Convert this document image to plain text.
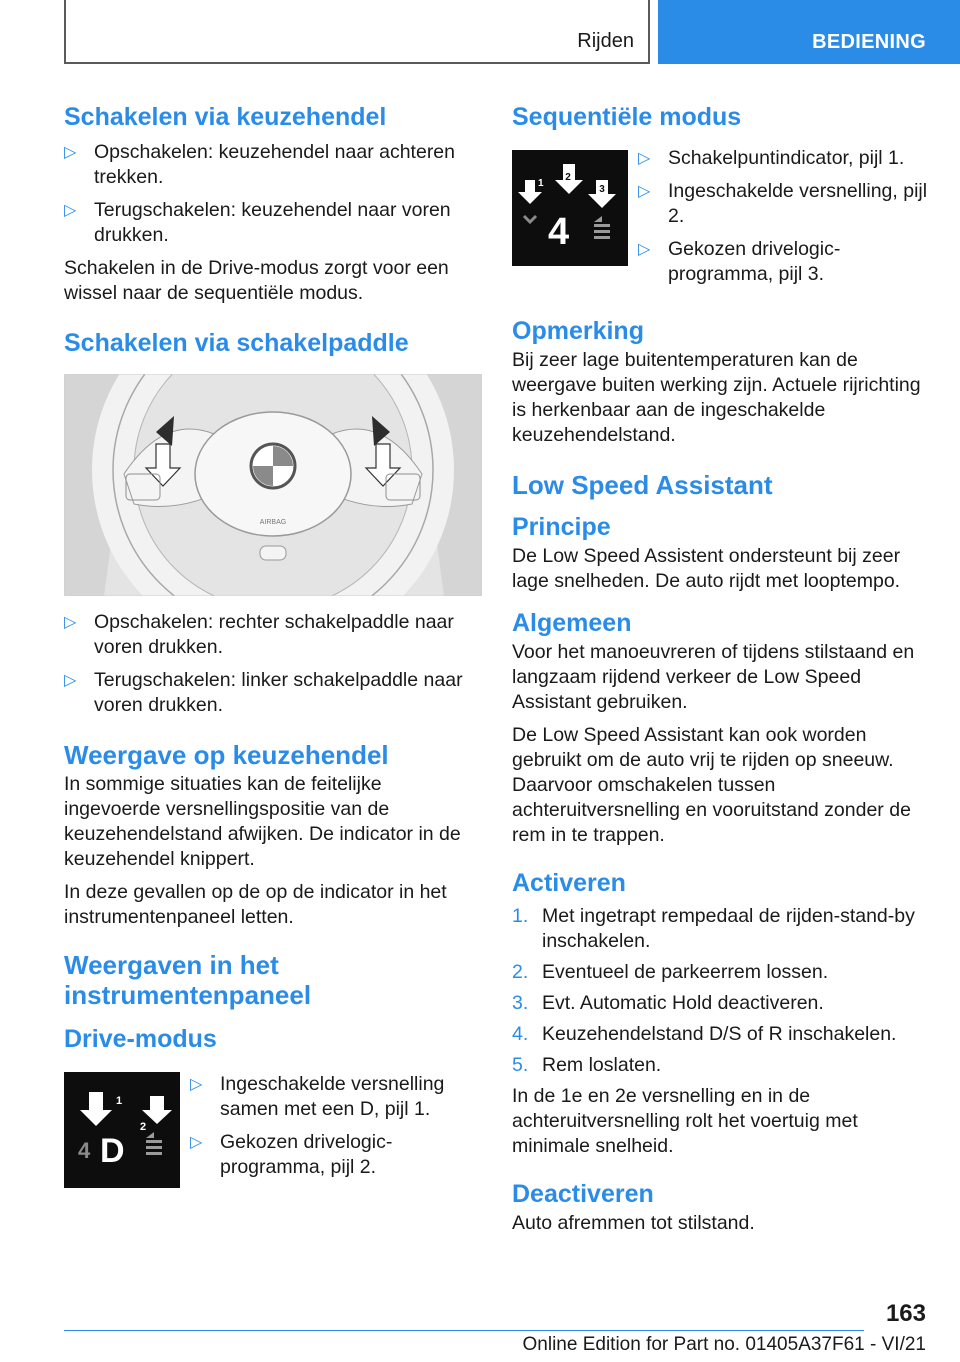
Rijden	BEDIENING
Schakelen via keuzehendel
▷ Opschakelen: keuzehendel naar achteren trekken.
▷ Terugschakelen: keuzehendel naar voren drukken.

Schakelen in de Drive-modus zorgt voor een wissel naar de sequentiële modus.

Schakelen via schakelpaddle
AIRBAG
▷ Opschakelen: rechter schakelpaddle naar voren drukken.
▷ Terugschakelen: linker schakelpaddle naar voren drukken.
Weergave op keuzehendel

In sommige situaties kan de feitelijke ingevoerde versnellingspositie van de keuzehendelstand afwijken. De indicator in de keuzehendel knippert.

In deze gevallen op de op de indicator in het instrumentenpaneel letten.

Weergaven in het instrumentenpaneel
Drive-modus
1
2
4 D
▷ Ingeschakelde versnelling samen met een D, pijl 1.
▷ Gekozen drivelogic-programma, pijl 2.
Sequentiële modus
1
2
3
4
▷ Schakelpuntindicator, pijl 1.
▷ Ingeschakelde versnelling, pijl 2.
▷ Gekozen drivelogic-programma, pijl 3.
Opmerking

Bij zeer lage buitentemperaturen kan de weergave buiten werking zijn. Actuele rijrichting is herkenbaar aan de ingeschakelde keuzehendelstand.

Low Speed Assistant
Principe

De Low Speed Assistent ondersteunt bij zeer lage snelheden. De auto rijdt met looptempo.

Algemeen

Voor het manoeuvreren of tijdens stilstaand en langzaam rijdend verkeer de Low Speed Assistant gebruiken.

De Low Speed Assistant kan ook worden gebruikt om de auto vrij te rijden op sneeuw. Daarvoor omschakelen tussen achteruitversnelling en vooruitstand zonder de rem in te trappen.

Activeren
1. Met ingetrapt rempedaal de rijden-stand-by inschakelen.
2. Eventueel de parkeerrem lossen.
3. Evt. Automatic Hold deactiveren.
4. Keuzehendelstand D/S of R inschakelen.
5. Rem loslaten.

In de 1e en 2e versnelling en in de achteruitversnelling rolt het voertuig met minimale snelheid.

Deactiveren

Auto afremmen tot stilstand.

163
Online Edition for Part no. 01405A37F61 - VI/21
